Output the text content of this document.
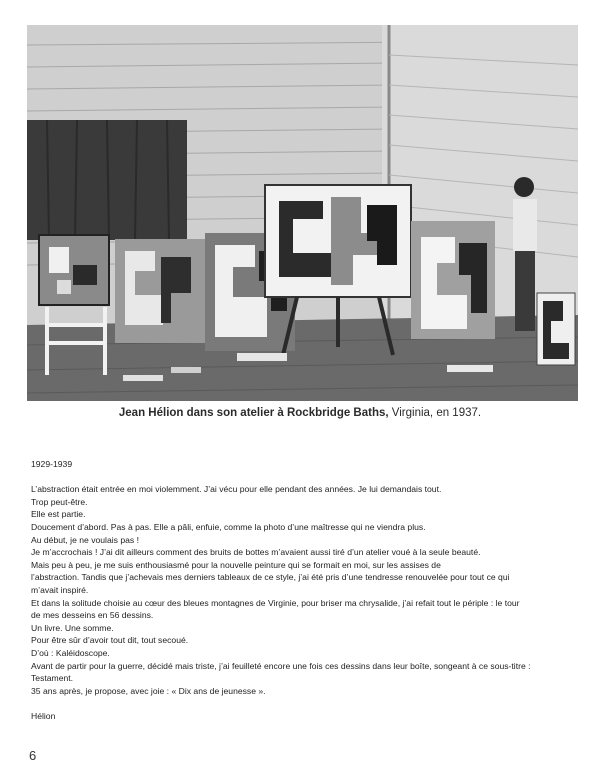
Jean Hélion dans son atelier à Rockbridge Baths, Virginia, en 1937.

1929-1939

L’abstraction était entrée en moi violemment. J’ai vécu pour elle pendant des années. Je lui demandais tout.

Trop peut-être.

Elle est partie.

Doucement d’abord. Pas à pas. Elle a pâli, enfuie, comme la photo d’une maîtresse qui ne viendra plus.

Au début, je ne voulais pas !

Je m’accrochais ! J’ai dit ailleurs comment des bruits de bottes m’avaient aussi tiré d’un atelier voué à la seule beauté.

Mais peu à peu, je me suis enthousiasmé pour la nouvelle peinture qui se formait en moi, sur les assises de

l’abstraction. Tandis que j’achevais mes derniers tableaux de ce style, j’ai été pris d’une tendresse renouvelée pour tout ce qui

m’avait inspiré.

Et dans la solitude choisie au cœur des bleues montagnes de Virginie, pour briser ma chrysalide, j’ai refait tout le périple : le tour

de mes desseins en 56 dessins.

Un livre. Une somme.

Pour être sûr d’avoir tout dit, tout secoué.

D’où : Kaléidoscope.

Avant de partir pour la guerre, décidé mais triste, j’ai feuilleté encore une fois ces dessins dans leur boîte, songeant à ce sous-titre :

Testament.

35 ans après, je propose, avec joie : « Dix ans de jeunesse ».

Hélion

6
